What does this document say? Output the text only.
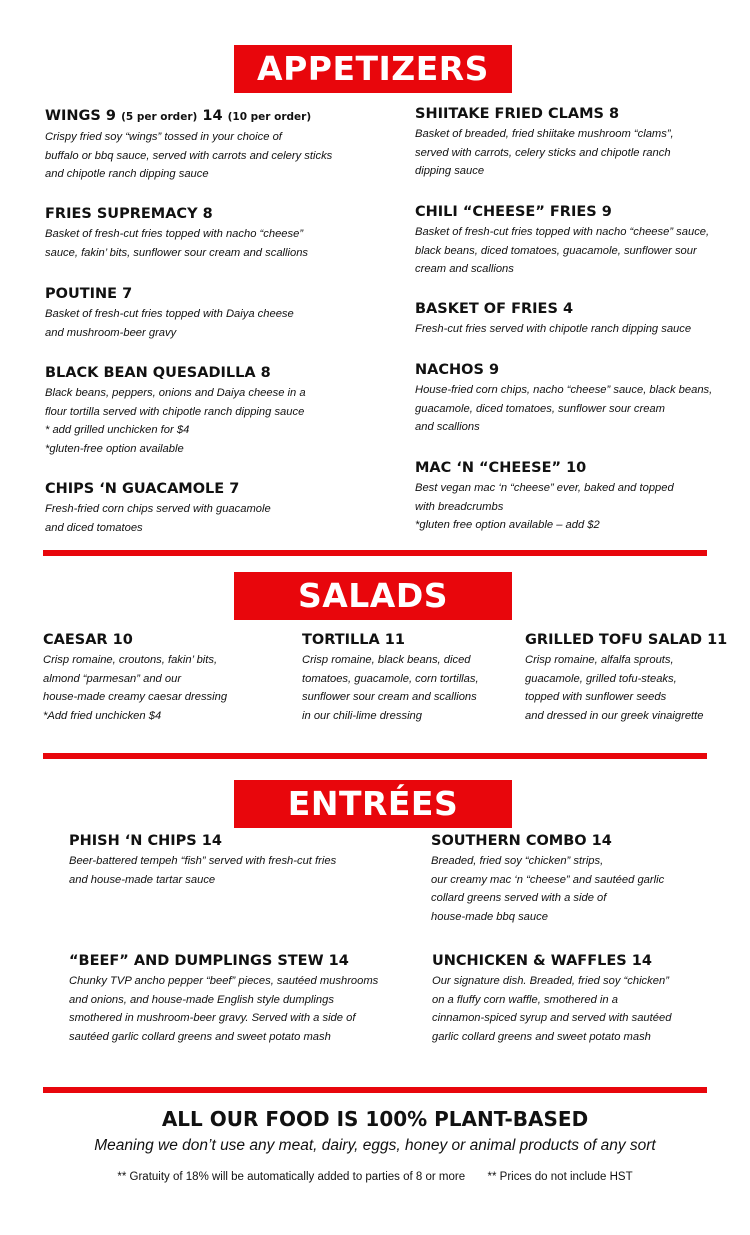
APPETIZERS
WINGS 9 (5 per order) 14 (10 per order)
Crispy fried soy “wings” tossed in your choice of
buffalo or bbq sauce, served with carrots and celery sticks
and chipotle ranch dipping sauce
FRIES SUPREMACY 8
Basket of fresh-cut fries topped with nacho “cheese”
sauce, fakin’ bits, sunflower sour cream and scallions
POUTINE 7
Basket of fresh-cut fries topped with Daiya cheese
and mushroom-beer gravy
BLACK BEAN QUESADILLA 8
Black beans, peppers, onions and Daiya cheese in a
flour tortilla served with chipotle ranch dipping sauce
* add grilled unchicken for $4
*gluten-free option available
CHIPS ‘N GUACAMOLE 7
Fresh-fried corn chips served with guacamole
and diced tomatoes
SHIITAKE FRIED CLAMS 8
Basket of breaded, fried shiitake mushroom “clams”,
served with carrots, celery sticks and chipotle ranch
dipping sauce
CHILI “CHEESE” FRIES 9
Basket of fresh-cut fries topped with nacho “cheese” sauce,
black beans, diced tomatoes, guacamole, sunflower sour
cream and scallions
BASKET OF FRIES 4
Fresh-cut fries served with chipotle ranch dipping sauce
NACHOS 9
House-fried corn chips, nacho “cheese” sauce, black beans,
guacamole, diced tomatoes, sunflower sour cream
and scallions
MAC ‘N “CHEESE” 10
Best vegan mac ‘n “cheese” ever, baked and topped
with breadcrumbs
*gluten free option available – add $2
SALADS
CAESAR 10
Crisp romaine, croutons, fakin’ bits,
almond “parmesan” and our
house-made creamy caesar dressing
*Add fried unchicken $4
TORTILLA 11
Crisp romaine, black beans, diced
tomatoes, guacamole, corn tortillas,
sunflower sour cream and scallions
in our chili-lime dressing
GRILLED TOFU SALAD 11
Crisp romaine, alfalfa sprouts,
guacamole, grilled tofu-steaks,
topped with sunflower seeds
and dressed in our greek vinaigrette
ENTRÉES
PHISH ‘N CHIPS 14
Beer-battered tempeh “fish” served with fresh-cut fries
and house-made tartar sauce
SOUTHERN COMBO 14
Breaded, fried soy “chicken” strips,
our creamy mac ‘n “cheese” and sautéed garlic
collard greens served with a side of
house-made bbq sauce
“BEEF” AND DUMPLINGS STEW 14
Chunky TVP ancho pepper “beef” pieces, sautéed mushrooms
and onions, and house-made English style dumplings
smothered in mushroom-beer gravy. Served with a side of
sautéed garlic collard greens and sweet potato mash
UNCHICKEN & WAFFLES 14
Our signature dish. Breaded, fried soy “chicken”
on a fluffy corn waffle, smothered in a
cinnamon-spiced syrup and served with sautéed
garlic collard greens and sweet potato mash
ALL OUR FOOD IS 100% PLANT-BASED
Meaning we don’t use any meat, dairy, eggs, honey or animal products of any sort
** Gratuity of 18% will be automatically added to parties of 8 or more ** Prices do not include HST
